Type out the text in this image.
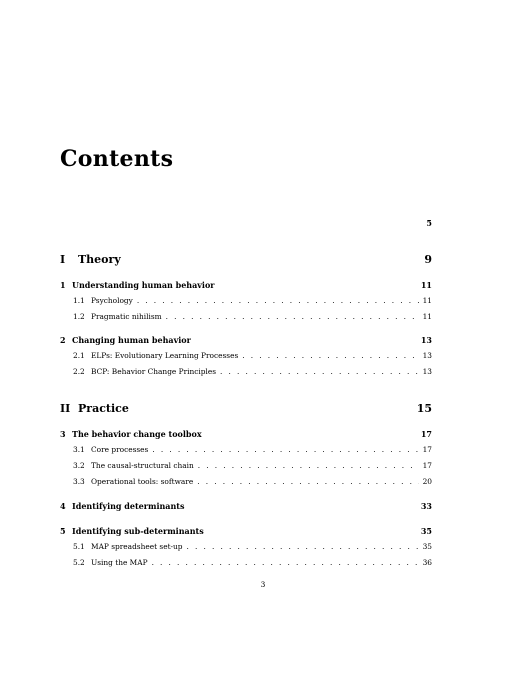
Contents
5
I	Theory	9
1 Understanding human behavior	11
1.1 Psychology . . .	11
1.2 Pragmatic nihilism . . .	11
2 Changing human behavior	13
2.1 ELPs: Evolutionary Learning Processes . . .	13
2.2 BCP: Behavior Change Principles . . .	13
II Practice	15
3 The behavior change toolbox	17
3.1 Core processes . . .	17
3.2 The causal-structural chain . . .	17
3.3 Operational tools: software . . .	20
4 Identifying determinants	33
5 Identifying sub-determinants	35
5.1 MAP spreadsheet set-up . . .	35
5.2 Using the MAP . . .	36
3
